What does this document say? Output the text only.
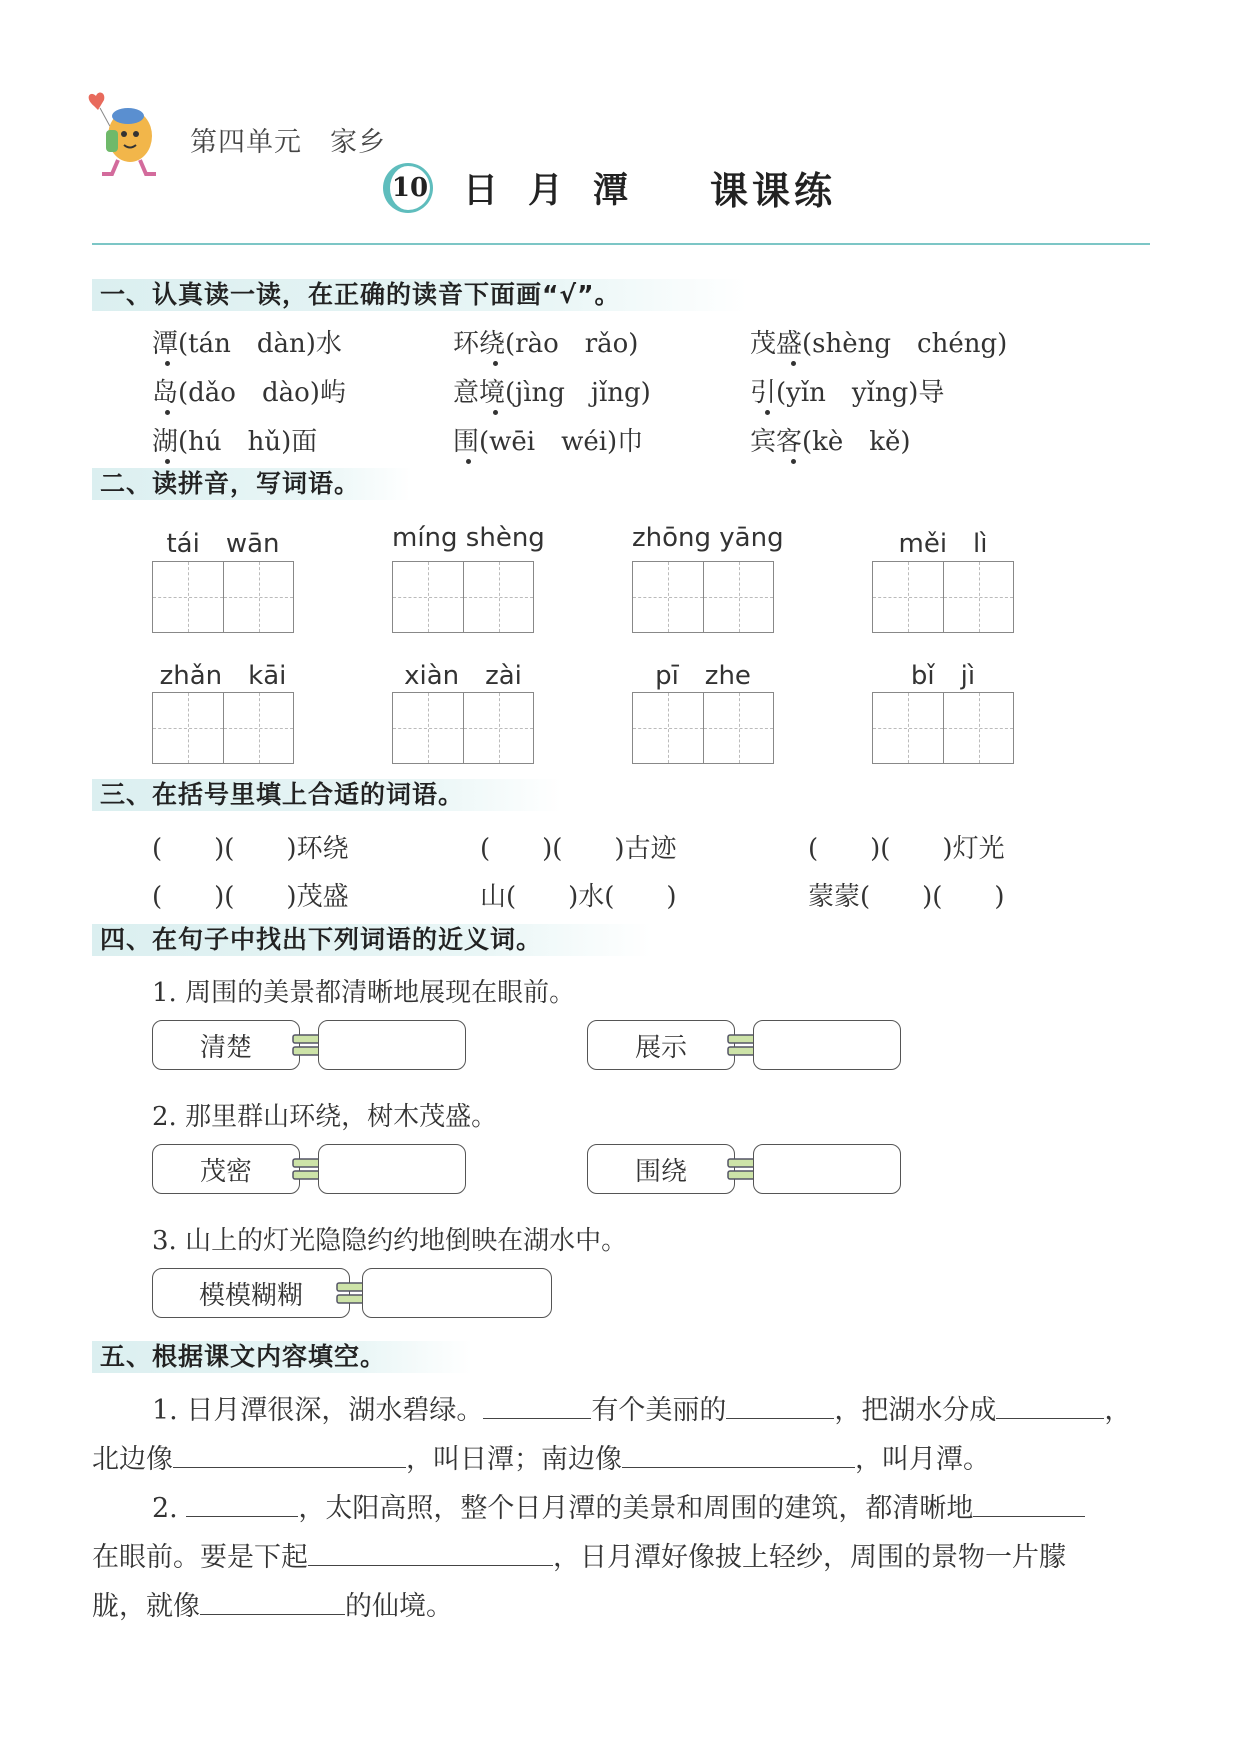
第四单元　家乡
10 日月潭 课课练
一、认真读一读，在正确的读音下面画“√”。
潭(tán　dàn)水	环绕(rào　rǎo)	茂盛(shèng　chéng)
岛(dǎo　dào)屿	意境(jìng　jǐng)	引(yǐn　yǐng)导
湖(hú　hǔ)面	围(wēi　wéi)巾	宾客(kè　kě)
二、读拼音，写词语。
tái　wān	míng shèng	zhōng yāng	měi　lì
zhǎn　kāi	xiàn　zài	pī　zhe	bǐ　jì
三、在括号里填上合适的词语。
(　　)(　　)环绕	(　　)(　　)古迹	(　　)(　　)灯光
(　　)(　　)茂盛	山(　　)水(　　)	蒙蒙(　　)(　　)
四、在句子中找出下列词语的近义词。
1. 周围的美景都清晰地展现在眼前。
清楚	展示
2. 那里群山环绕，树木茂盛。
茂密	围绕
3. 山上的灯光隐隐约约地倒映在湖水中。
模模糊糊
五、根据课文内容填空。
1. 日月潭很深，湖水碧绿。	有个美丽的	，把湖水分成	，
北边像	，叫日潭；南边像	，叫月潭。
2.	，太阳高照，整个日月潭的美景和周围的建筑，都清晰地
在眼前。要是下起	，日月潭好像披上轻纱，周围的景物一片朦
胧，就像	的仙境。
